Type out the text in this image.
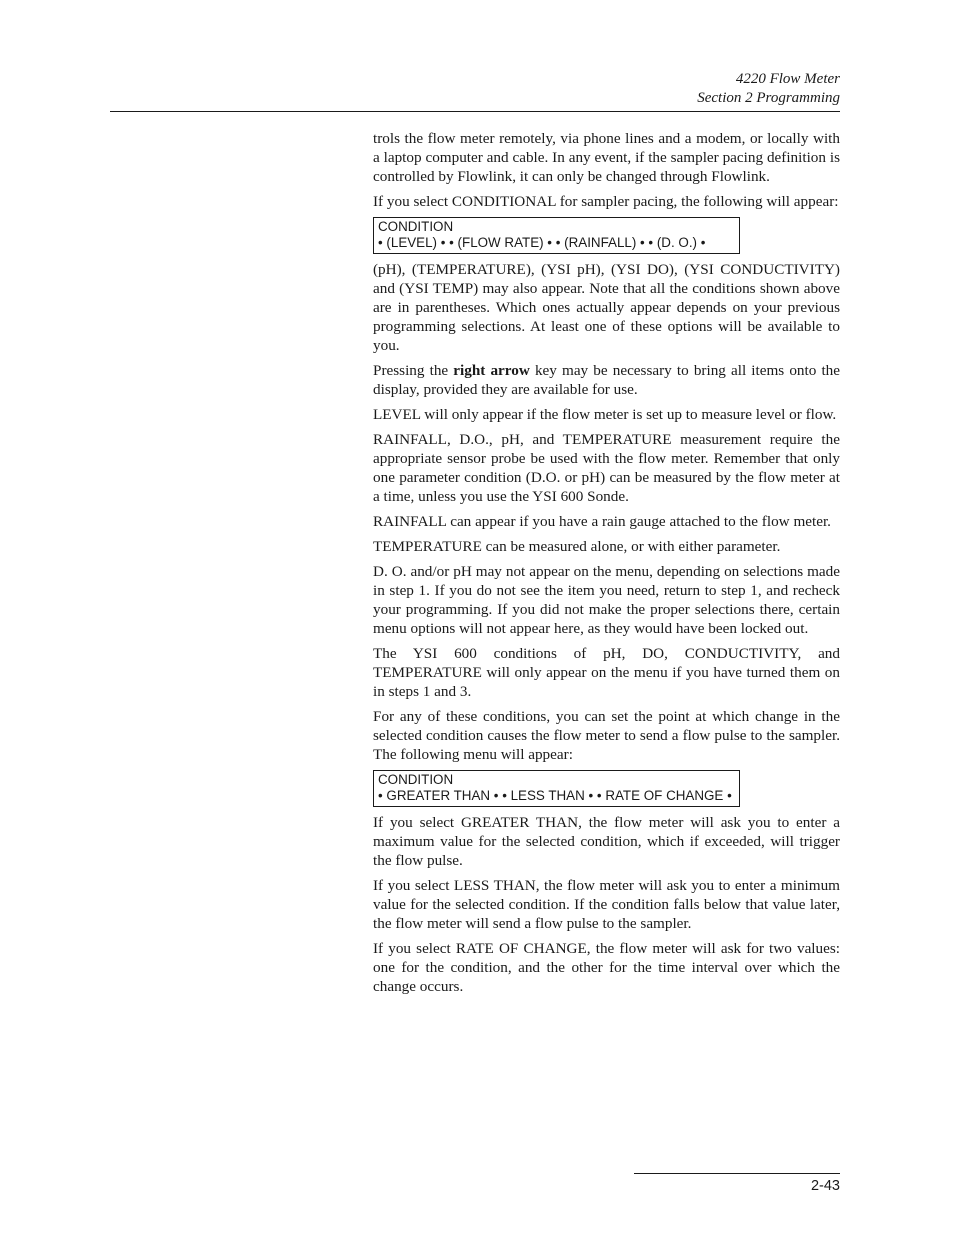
4220 Flow Meter
Section 2 Programming

trols the flow meter remotely, via phone lines and a modem, or locally with a laptop computer and cable. In any event, if the sampler pacing definition is controlled by Flowlink, it can only be changed through Flowlink.

If you select CONDITIONAL for sampler pacing, the following will appear:

CONDITION
• (LEVEL) • • (FLOW RATE) • • (RAINFALL) • • (D. O.) •

(pH), (TEMPERATURE), (YSI pH), (YSI DO), (YSI CONDUCTIVITY) and (YSI TEMP) may also appear. Note that all the conditions shown above are in parentheses. Which ones actually appear depends on your previous programming selections. At least one of these options will be available to you.

Pressing the right arrow key may be necessary to bring all items onto the display, provided they are available for use.

LEVEL will only appear if the flow meter is set up to measure level or flow.

RAINFALL, D.O., pH, and TEMPERATURE measurement require the appropriate sensor probe be used with the flow meter. Remember that only one parameter condition (D.O. or pH) can be measured by the flow meter at a time, unless you use the YSI 600 Sonde.

RAINFALL can appear if you have a rain gauge attached to the flow meter.

TEMPERATURE can be measured alone, or with either parameter.

D. O. and/or pH may not appear on the menu, depending on selections made in step 1. If you do not see the item you need, return to step 1, and recheck your programming. If you did not make the proper selections there, certain menu options will not appear here, as they would have been locked out.

The YSI 600 conditions of pH, DO, CONDUCTIVITY, and TEMPERATURE will only appear on the menu if you have turned them on in steps 1 and 3.

For any of these conditions, you can set the point at which change in the selected condition causes the flow meter to send a flow pulse to the sampler. The following menu will appear:

CONDITION
• GREATER THAN • • LESS THAN • • RATE OF CHANGE •

If you select GREATER THAN, the flow meter will ask you to enter a maximum value for the selected condition, which if exceeded, will trigger the flow pulse.

If you select LESS THAN, the flow meter will ask you to enter a minimum value for the selected condition. If the condition falls below that value later, the flow meter will send a flow pulse to the sampler.

If you select RATE OF CHANGE, the flow meter will ask for two values: one for the condition, and the other for the time interval over which the change occurs.

2-43
